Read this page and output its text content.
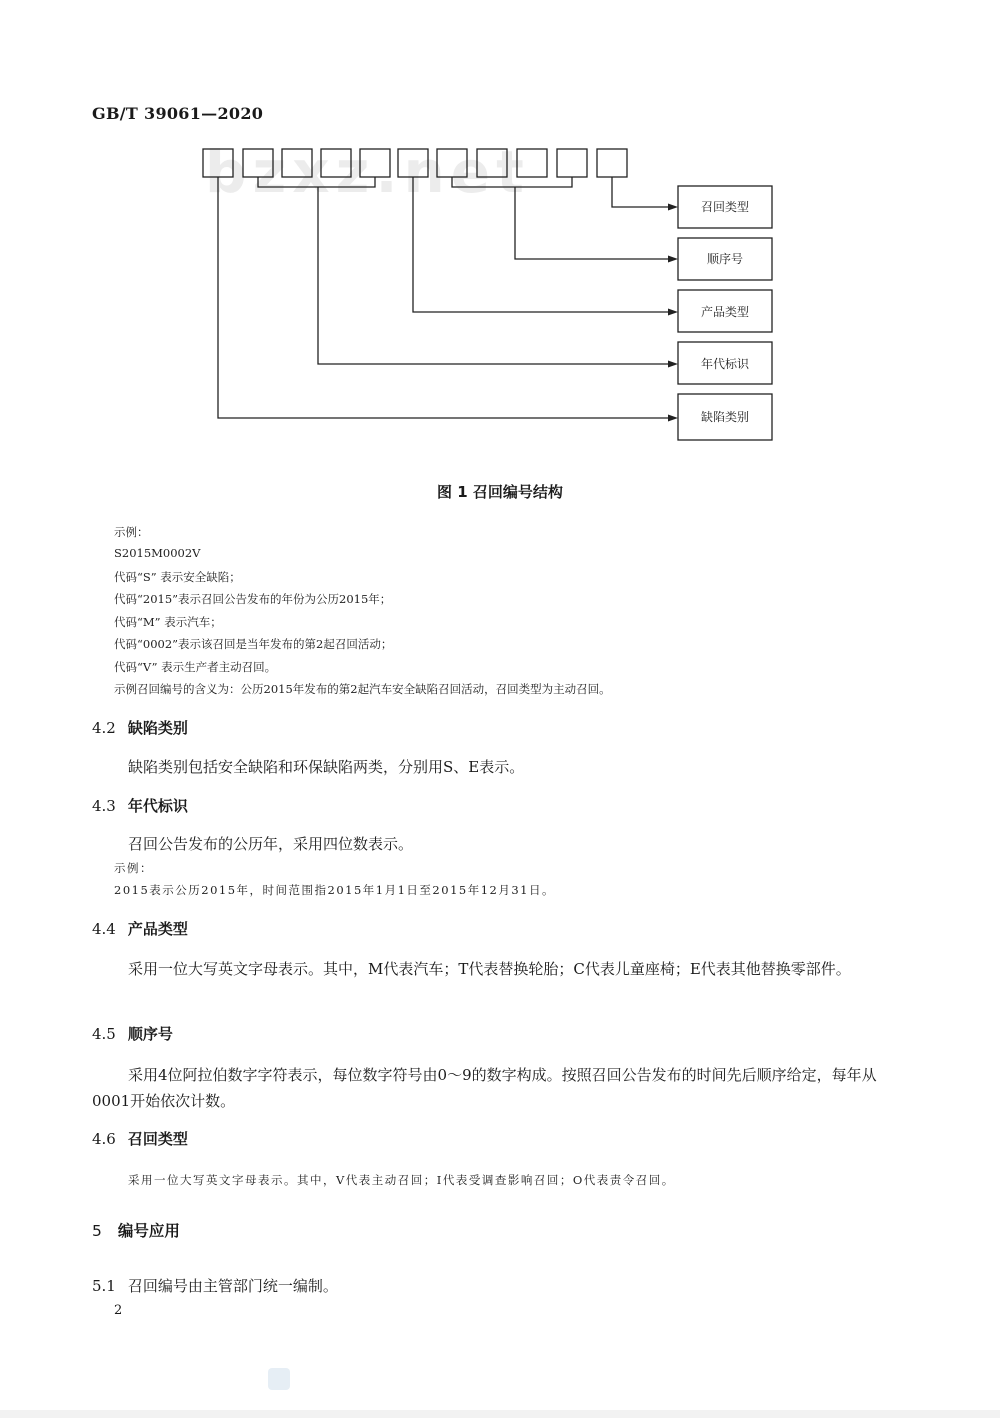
GB/T 39061—2020
bzxz.net
召回类型
顺序号
产品类型
年代标识
缺陷类别
图 1 召回编号结构
示例：
S2015M0002V
代码“S” 表示安全缺陷；
代码“2015”表示召回公告发布的年份为公历2015年；
代码“M” 表示汽车；
代码“0002”表示该召回是当年发布的第2起召回活动；
代码“V” 表示生产者主动召回。
示例召回编号的含义为：公历2015年发布的第2起汽车安全缺陷召回活动，召回类型为主动召回。
4.2 缺陷类别
缺陷类别包括安全缺陷和环保缺陷两类，分别用S、E表示。
4.3 年代标识
召回公告发布的公历年，采用四位数表示。
示例：
2015表示公历2015年，时间范围指2015年1月1日至2015年12月31日。
4.4 产品类型
采用一位大写英文字母表示。其中，M代表汽车；T代表替换轮胎；C代表儿童座椅；E代表其他替换零部件。
4.5 顺序号
采用4位阿拉伯数字字符表示，每位数字符号由0～9的数字构成。按照召回公告发布的时间先后顺序给定，每年从0001开始依次计数。
4.6 召回类型
采用一位大写英文字母表示。其中，V代表主动召回；I代表受调查影响召回；O代表责令召回。
5 编号应用
5.1 召回编号由主管部门统一编制。
2
